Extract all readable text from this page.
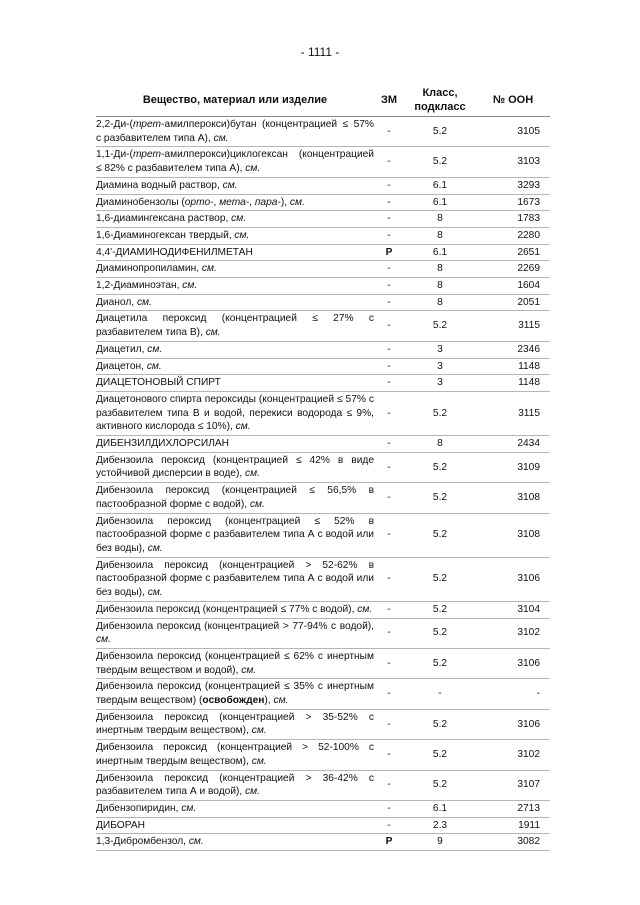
- 1111 -
Вещество, материал или изделие	ЗМ	Класс, подкласс	№ ООН
2,2-Ди-(трет-амилперокси)бутан (концентрацией ≤ 57% с разбавителем типа А), см.	-	5.2	3105
1,1-Ди-(трет-амилперокси)циклогексан (концентрацией ≤ 82% с разбавителем типа А), см.	-	5.2	3103
Диамина водный раствор, см.	-	6.1	3293
Диаминобензолы (орто-, мета-, пара-), см.	-	6.1	1673
1,6-диамингексана раствор, см.	-	8	1783
1,6-Диаминогексан твердый, см.	-	8	2280
4,4'-ДИАМИНОДИФЕНИЛМЕТАН	Р	6.1	2651
Диаминопропиламин, см.	-	8	2269
1,2-Диаминоэтан, см.	-	8	1604
Дианол, см.	-	8	2051
Диацетила пероксид (концентрацией ≤ 27% с разбавителем типа В), см.	-	5.2	3115
Диацетил, см.	-	3	2346
Диацетон, см.	-	3	1148
ДИАЦЕТОНОВЫЙ СПИРТ	-	3	1148
Диацетонового спирта пероксиды (концентрацией ≤ 57% с разбавителем типа В и водой, перекиси водорода ≤ 9%, активного кислорода ≤ 10%), см.	-	5.2	3115
ДИБЕНЗИЛДИХЛОРСИЛАН	-	8	2434
Дибензоила пероксид (концентрацией ≤ 42% в виде устойчивой дисперсии в воде), см.	-	5.2	3109
Дибензоила пероксид (концентрацией ≤ 56,5% в пастообразной форме с водой), см.	-	5.2	3108
Дибензоила пероксид (концентрацией ≤ 52% в пастообразной форме с разбавителем типа А с водой или без воды), см.	-	5.2	3108
Дибензоила пероксид (концентрацией > 52-62% в пастообразной форме с разбавителем типа А с водой или без воды), см.	-	5.2	3106
Дибензоила пероксид (концентрацией ≤ 77% с водой), см.	-	5.2	3104
Дибензоила пероксид (концентрацией > 77-94% с водой), см.	-	5.2	3102
Дибензоила пероксид (концентрацией ≤ 62% с инертным твердым веществом и водой), см.	-	5.2	3106
Дибензоила пероксид (концентрацией ≤ 35% с инертным твердым веществом) (освобожден), см.	-	-	-
Дибензоила пероксид (концентрацией > 35-52% с инертным твердым веществом), см.	-	5.2	3106
Дибензоила пероксид (концентрацией > 52-100% с инертным твердым веществом), см.	-	5.2	3102
Дибензоила пероксид (концентрацией > 36-42% с разбавителем типа А и водой), см.	-	5.2	3107
Дибензопиридин, см.	-	6.1	2713
ДИБОРАН	-	2.3	1911
1,3-Дибромбензол, см.	Р	9	3082
